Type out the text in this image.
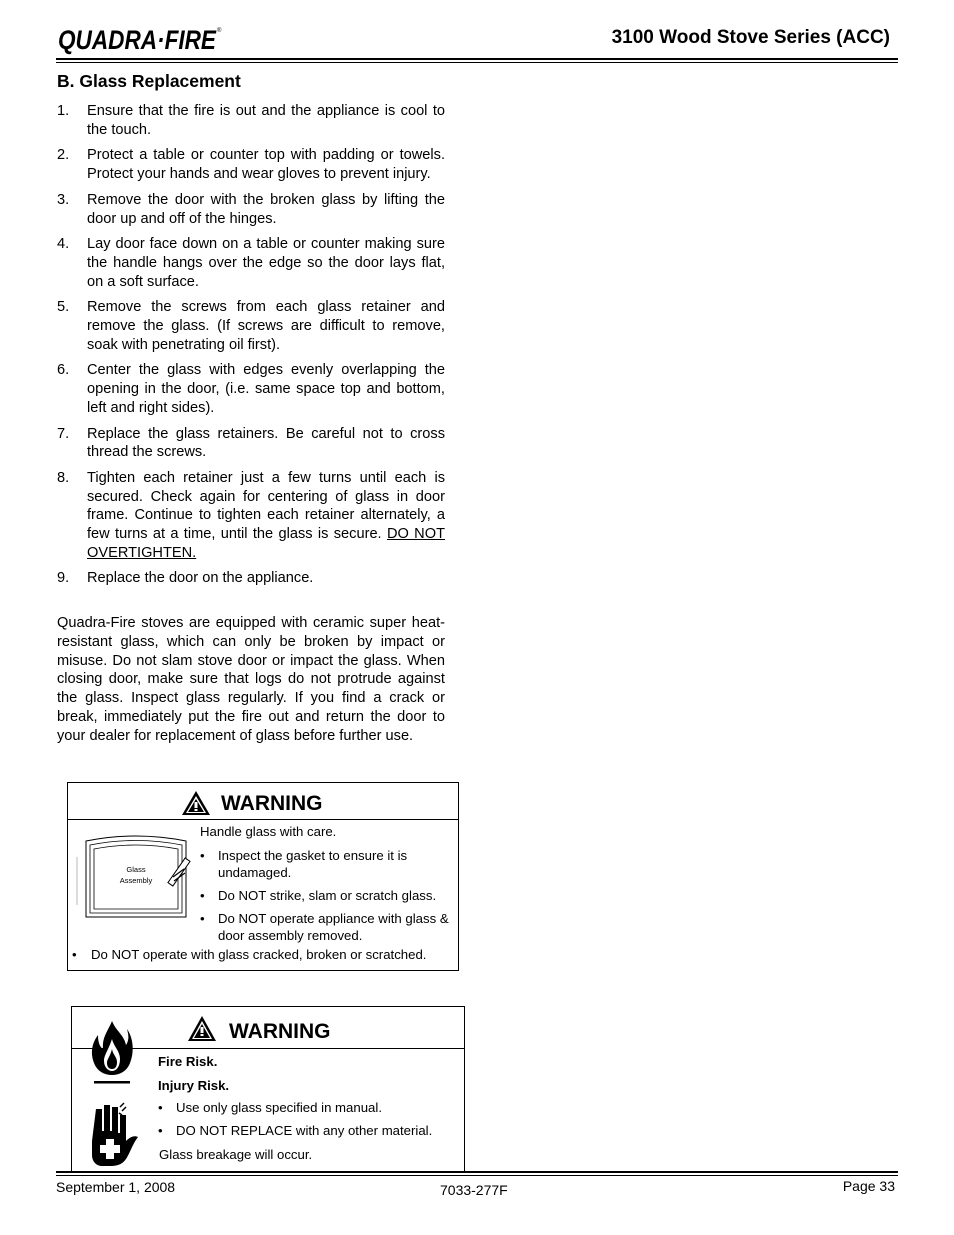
QUADRA·FIRE ®	3100 Wood Stove Series (ACC)
B. Glass Replacement
1.	Ensure that the fire is out and the appliance is cool to the touch.
2.	Protect a table or counter top with padding or towels. Protect your hands and wear gloves to prevent injury.
3.	Remove the door with the broken glass by lifting the door up and off of the hinges.
4.	Lay door face down on a table or counter making sure the handle hangs over the edge so the door lays flat, on a soft surface.
5.	Remove the screws from each glass retainer and remove the glass. (If screws are difficult to remove, soak with penetrating oil first).
6.	Center the glass with edges evenly overlapping the opening in the door, (i.e. same space top and bottom, left and right sides).
7.	Replace the glass retainers. Be careful not to cross thread the screws.
8.	Tighten each retainer just a few turns until each is secured. Check again for centering of glass in door frame. Continue to tighten each retainer alternately, a few turns at a time, until the glass is secure. DO NOT OVERTIGHTEN.
9.	Replace the door on the appliance.

Quadra-Fire stoves are equipped with ceramic super heat-resistant glass, which can only be broken by impact or misuse. Do not slam stove door or impact the glass. When closing door, make sure that logs do not protrude against the glass. Inspect glass regularly. If you find a crack or break, immediately put the fire out and return the door to your dealer for replacement of glass before further use.

WARNING
Glass
Assembly
Handle glass with care.
•	Inspect the gasket to ensure it is undamaged.
•	Do NOT strike, slam or scratch glass.
•	Do NOT operate appliance with glass & door assembly removed.
•	Do NOT operate with glass cracked, broken or scratched.
WARNING
Fire Risk.
Injury Risk.
•	Use only glass specified in manual.
•	DO NOT REPLACE with any other material.
Glass breakage will occur.
September 1, 2008	7033-277F	Page 33
